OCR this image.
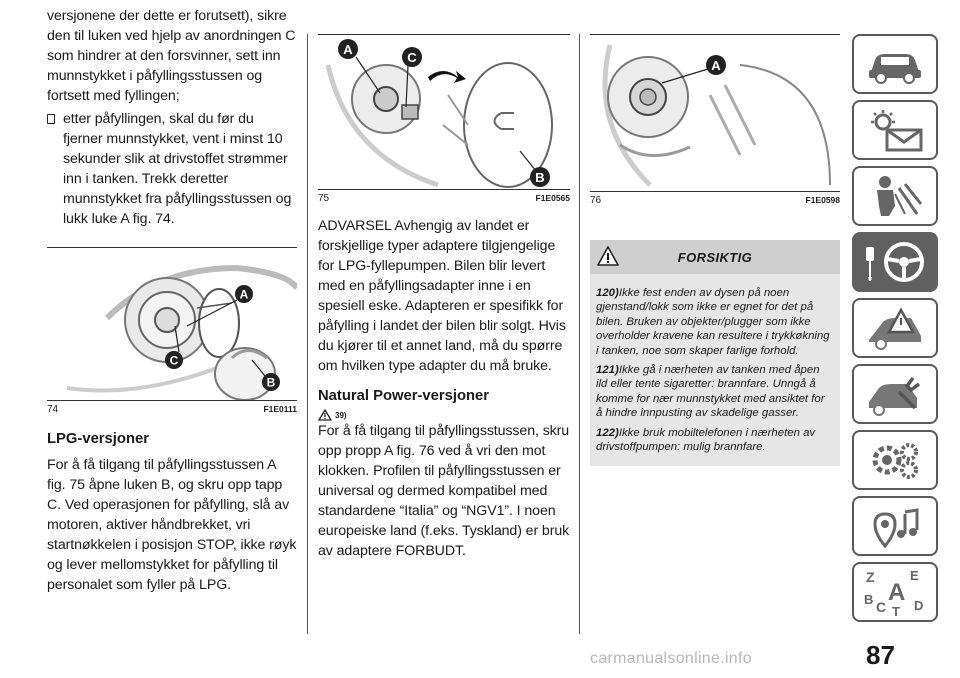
versjonene der dette er forutsett), sikre den til luken ved hjelp av anordningen C som hindrer at den forsvinner, sett inn munnstykket i påfyllingsstussen og fortsett med fyllingen;

etter påfyllingen, skal du før du fjerner munnstykket, vent i minst 10 sekunder slik at drivstoffet strømmer inn i tanken. Trekk deretter munnstykket fra påfyllingsstussen og lukk luke A fig. 74.
A
C
B
74	F1E0111
LPG-versjoner

For å få tilgang til påfyllingsstussen A fig. 75 åpne luken B, og skru opp tapp C. Ved operasjonen for påfylling, slå av motoren, aktiver håndbrekket, vri startnøkkelen i posisjon STOP, ikke røyk og lever mellomstykket for påfylling til personalet som fyller på LPG.

A
C
B
75	F1E0565

ADVARSEL Avhengig av landet er forskjellige typer adaptere tilgjengelige for LPG-fyllepumpen. Bilen blir levert med en påfyllingsadapter inne i en spesiell eske. Adapteren er spesifikk for påfylling i landet der bilen blir solgt. Hvis du kjører til et annet land, må du spørre om hvilken type adapter du må bruke.

Natural Power-versjoner
39)

For å få tilgang til påfyllingsstussen, skru opp propp A fig. 76 ved å vri den mot klokken. Profilen til påfyllingsstussen er universal og dermed kompatibel med standardene “Italia” og “NGV1”. I noen europeiske land (f.eks. Tyskland) er bruk av adaptere FORBUDT.

A
76	F1E0598
FORSIKTIG

120)Ikke fest enden av dysen på noen gjenstand/lokk som ikke er egnet for det på bilen. Bruken av objekter/plugger som ikke overholder kravene kan resultere i trykkøkning i tanken, noe som skaper farlige forhold.

121)Ikke gå i nærheten av tanken med åpen ild eller tente sigaretter: brannfare. Unngå å komme for nær munnstykket med ansiktet for å hindre innpusting av skadelige gasser.

122)Ikke bruk mobiltelefonen i nærheten av drivstoffpumpen: mulig brannfare.

Z	E
B A
C T D
87
carmanualsonline.info
